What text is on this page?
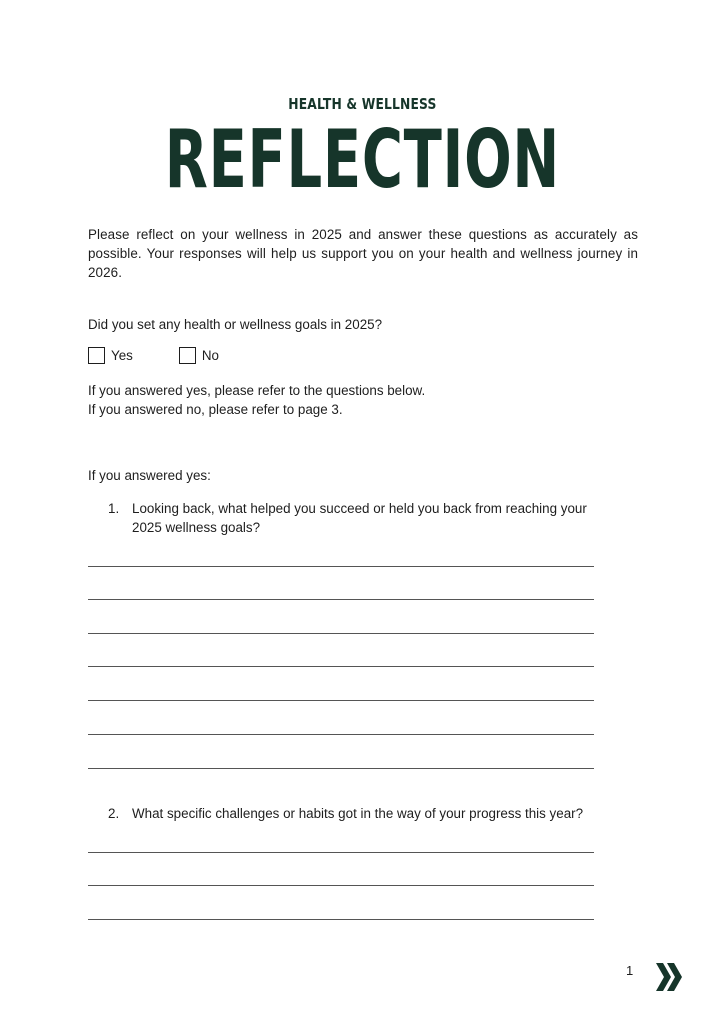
HEALTH & WELLNESS
REFLECTION
Please reflect on your wellness in 2025 and answer these questions as accurately as possible. Your responses will help us support you on your health and wellness journey in 2026.
Did you set any health or wellness goals in 2025?
Yes	No
If you answered yes, please refer to the questions below.
If you answered no, please refer to page 3.
If you answered yes:
1. Looking back, what helped you succeed or held you back from reaching your 2025 wellness goals?
2. What specific challenges or habits got in the way of your progress this year?
1
